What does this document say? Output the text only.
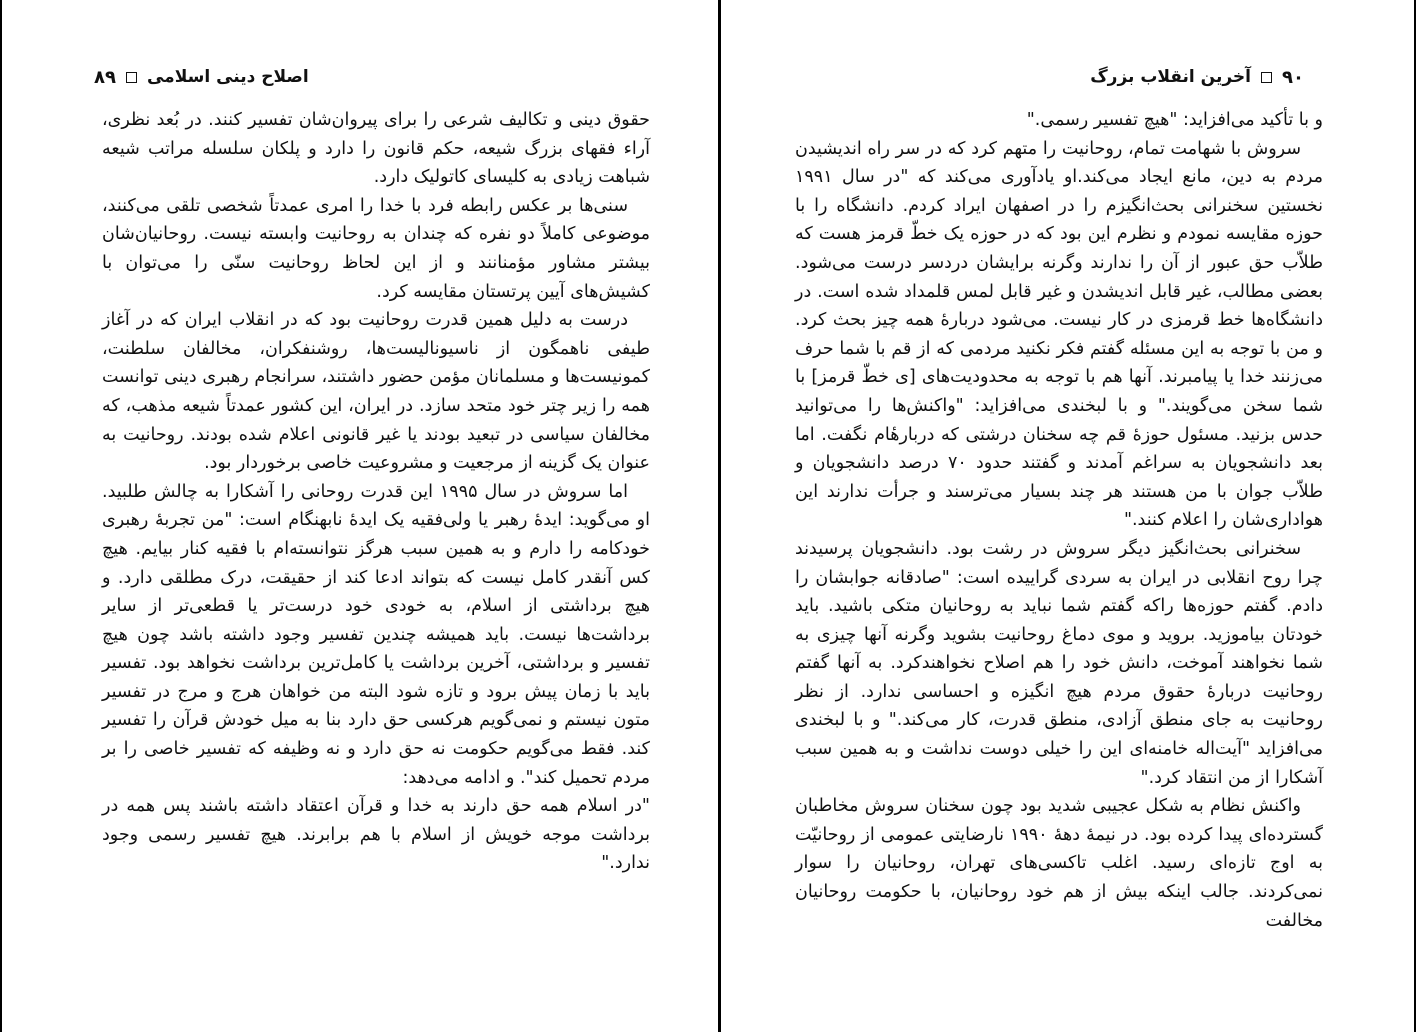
اصلاح دینی اسلامی
۸۹

حقوق دینی و تکالیف شرعی را برای پیروان‌شان تفسیر کنند. در بُعد نظری، آراء فقهای بزرگ شیعه، حکم قانون را دارد و پلکان سلسله مراتب شیعه شباهت زیادی به کلیسای کاتولیک دارد.

سنی‌ها بر عکس رابطه فرد با خدا را امری عمدتاً شخصی تلقی می‌کنند، موضوعی کاملاً دو نفره که چندان به روحانیت وابسته نیست. روحانیان‌شان بیشتر مشاور مؤمنانند و از این لحاظ روحانیت سنّی را می‌توان با کشیش‌های آیین پرتستان مقایسه کرد.

درست به دلیل همین قدرت روحانیت بود که در انقلاب ایران که در آغاز طیفی ناهمگون از ناسیونالیست‌ها، روشنفکران، مخالفان سلطنت، کمونیست‌ها و مسلمانان مؤمن حضور داشتند، سرانجام رهبری دینی توانست همه را زیر چتر خود متحد سازد. در ایران، این کشور عمدتاً شیعه مذهب، که مخالفان سیاسی در تبعید بودند یا غیر قانونی اعلام شده بودند. روحانیت به عنوان یک گزینه از مرجعیت و مشروعیت خاصی برخوردار بود.

اما سروش در سال ۱۹۹۵ این قدرت روحانی را آشکارا به چالش طلبید. او می‌گوید: ایدهٔ رهبر یا ولی‌فقیه یک ایدهٔ نابهنگام است: "من تجربهٔ رهبری خودکامه را دارم و به همین سبب هرگز نتوانسته‌ام با فقیه کنار بیایم. هیچ کس آنقدر کامل نیست که بتواند ادعا کند از حقیقت، درک مطلقی دارد. و هیچ برداشتی از اسلام، به خودی خود درست‌تر یا قطعی‌تر از سایر برداشت‌ها نیست. باید همیشه چندین تفسیر وجود داشته باشد چون هیچ تفسیر و برداشتی، آخرین برداشت یا کامل‌ترین برداشت نخواهد بود. تفسیر باید با زمان پیش برود و تازه شود البته من خواهان هرج و مرج در تفسیر متون نیستم و نمی‌گویم هرکسی حق دارد بنا به میل خودش قرآن را تفسیر کند. فقط می‌گویم حکومت نه حق دارد و نه وظیفه که تفسیر خاصی را بر مردم تحمیل کند". و ادامه می‌دهد:

"در اسلام همه حق دارند به خدا و قرآن اعتقاد داشته باشند پس همه در برداشت موجه خویش از اسلام با هم برابرند. هیچ تفسیر رسمی وجود ندارد."

۹۰
آخرین انقلاب بزرگ

و با تأکید می‌افزاید: "هیچ تفسیر رسمی."

سروش با شهامت تمام، روحانیت را متهم کرد که در سر راه اندیشیدن مردم به دین، مانع ایجاد می‌کند.او یادآوری می‌کند که "در سال ۱۹۹۱ نخستین سخنرانی بحث‌انگیزم را در اصفهان ایراد کردم. دانشگاه را با حوزه مقایسه نمودم و نظرم این بود که در حوزه یک خطّ قرمز هست که طلاّب حق عبور از آن را ندارند وگرنه برایشان دردسر درست می‌شود. بعضی مطالب، غیر قابل اندیشدن و غیر قابل لمس قلمداد شده است. در دانشگاه‌ها خط قرمزی در کار نیست. می‌شود دربارهٔ همه چیز بحث کرد. و من با توجه به این مسئله گفتم فکر نکنید مردمی که از قم با شما حرف می‌زنند خدا یا پیامبرند. آنها هم با توجه به محدودیت‌های [ی خطّ قرمز] با شما سخن می‌گویند." و با لبخندی می‌افزاید: "واکنش‌ها را می‌توانید حدس بزنید. مسئول حوزهٔ قم چه سخنان درشتی که دربارهٔام نگفت. اما بعد دانشجویان به سراغم آمدند و گفتند حدود ۷۰ درصد دانشجویان و طلاّب جوان با من هستند هر چند بسیار می‌ترسند و جرأت ندارند این هواداری‌شان را اعلام کنند."

سخنرانی بحث‌انگیز دیگر سروش در رشت بود. دانشجویان پرسیدند چرا روح انقلابی در ایران به سردی گراییده است: "صادقانه جوابشان را دادم. گفتم حوزه‌ها راکه گفتم شما نباید به روحانیان متکی باشید. باید خودتان بیاموزید. بروید و موی دماغ روحانیت بشوید وگرنه آنها چیزی به شما نخواهند آموخت، دانش خود را هم اصلاح نخواهندکرد. به آنها گفتم روحانیت دربارهٔ حقوق مردم هیچ انگیزه و احساسی ندارد. از نظر روحانیت به جای منطق آزادی، منطق قدرت، کار می‌کند." و با لبخندی می‌افزاید "آیت‌اله خامنه‌ای این را خیلی دوست نداشت و به همین سبب آشکارا از من انتقاد کرد."

واکنش نظام به شکل عجیبی شدید بود چون سخنان سروش مخاطبان گسترده‌ای پیدا کرده بود. در نیمهٔ دههٔ ۱۹۹۰ نارضایتی عمومی از روحانیّت به اوج تازه‌ای رسید. اغلب تاکسی‌های تهران، روحانیان را سوار نمی‌کردند. جالب اینکه بیش از هم خود روحانیان، با حکومت روحانیان مخالفت
